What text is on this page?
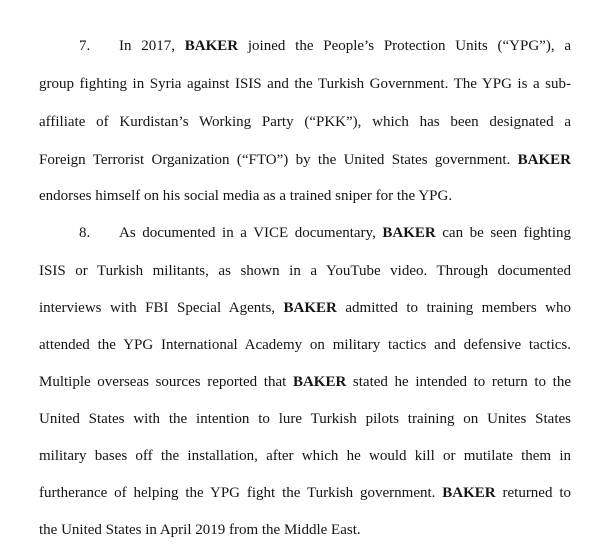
7. In 2017, BAKER joined the People’s Protection Units (“YPG”), a
group fighting in Syria against ISIS and the Turkish Government. The YPG is a sub-
affiliate of Kurdistan’s Working Party (“PKK”), which has been designated a
Foreign Terrorist Organization (“FTO”) by the United States government. BAKER
endorses himself on his social media as a trained sniper for the YPG.
8. As documented in a VICE documentary, BAKER can be seen fighting
ISIS or Turkish militants, as shown in a YouTube video. Through documented
interviews with FBI Special Agents, BAKER admitted to training members who
attended the YPG International Academy on military tactics and defensive tactics.
Multiple overseas sources reported that BAKER stated he intended to return to the
United States with the intention to lure Turkish pilots training on Unites States
military bases off the installation, after which he would kill or mutilate them in
furtherance of helping the YPG fight the Turkish government. BAKER returned to
the United States in April 2019 from the Middle East.
